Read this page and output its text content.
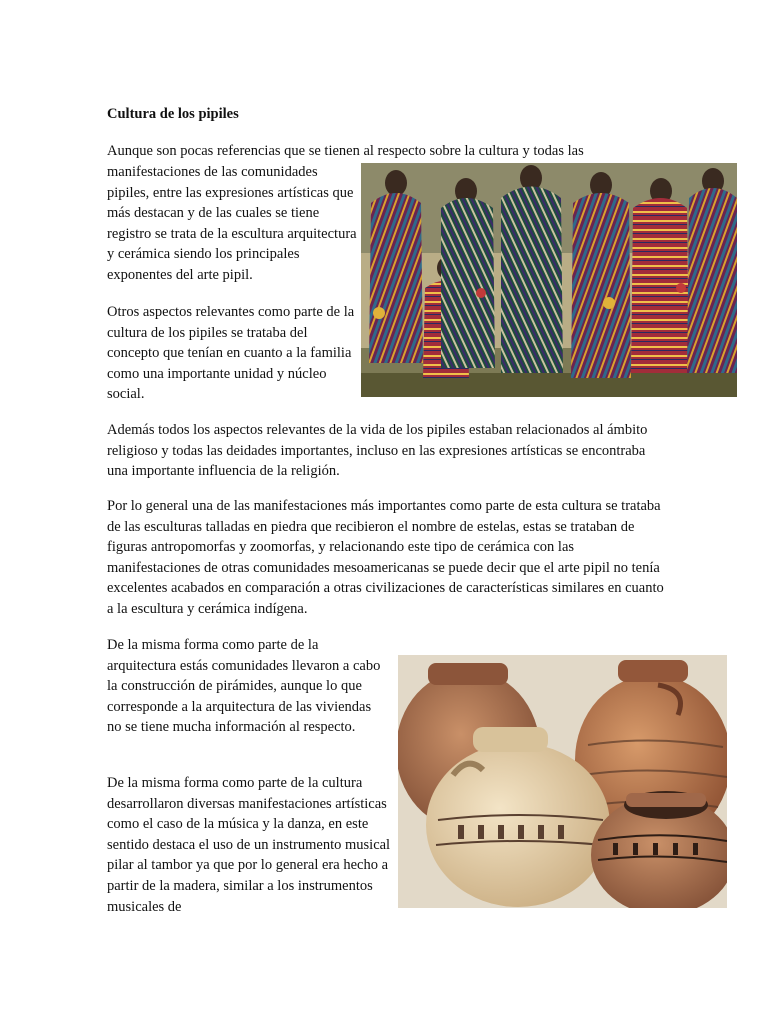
Cultura de los pipiles

Aunque son pocas referencias que se tienen al respecto sobre la cultura y todas las

manifestaciones de las comunidades pipiles, entre las expresiones artísticas que más destacan y de las cuales se tiene registro se trata de la escultura arquitectura y cerámica siendo los principales exponentes del arte pipil.

Otros aspectos relevantes como parte de la cultura de los pipiles se trataba del concepto que tenían en cuanto a la familia como una importante unidad y núcleo social.

Además todos los aspectos relevantes de la vida de los pipiles estaban relacionados al ámbito religioso y todas las deidades importantes, incluso en las expresiones artísticas se encontraba una importante influencia de la religión.

Por lo general una de las manifestaciones más importantes como parte de esta cultura se trataba de las esculturas talladas en piedra que recibieron el nombre de estelas, estas se trataban de figuras antropomorfas y zoomorfas, y relacionando este tipo de cerámica con las manifestaciones de otras comunidades mesoamericanas se puede decir que el arte pipil no tenía excelentes acabados en comparación a otras civilizaciones de características similares en cuanto a la escultura y cerámica indígena.

De la misma forma como parte de la arquitectura estás comunidades llevaron a cabo la construcción de pirámides, aunque lo que corresponde a la arquitectura de las viviendas no se tiene mucha información al respecto.

De la misma forma como parte de la cultura desarrollaron diversas manifestaciones artísticas como el caso de la música y la danza, en este sentido destaca el uso de un instrumento musical pilar al tambor ya que por lo general era hecho a partir de la madera, similar a los instrumentos musicales de
